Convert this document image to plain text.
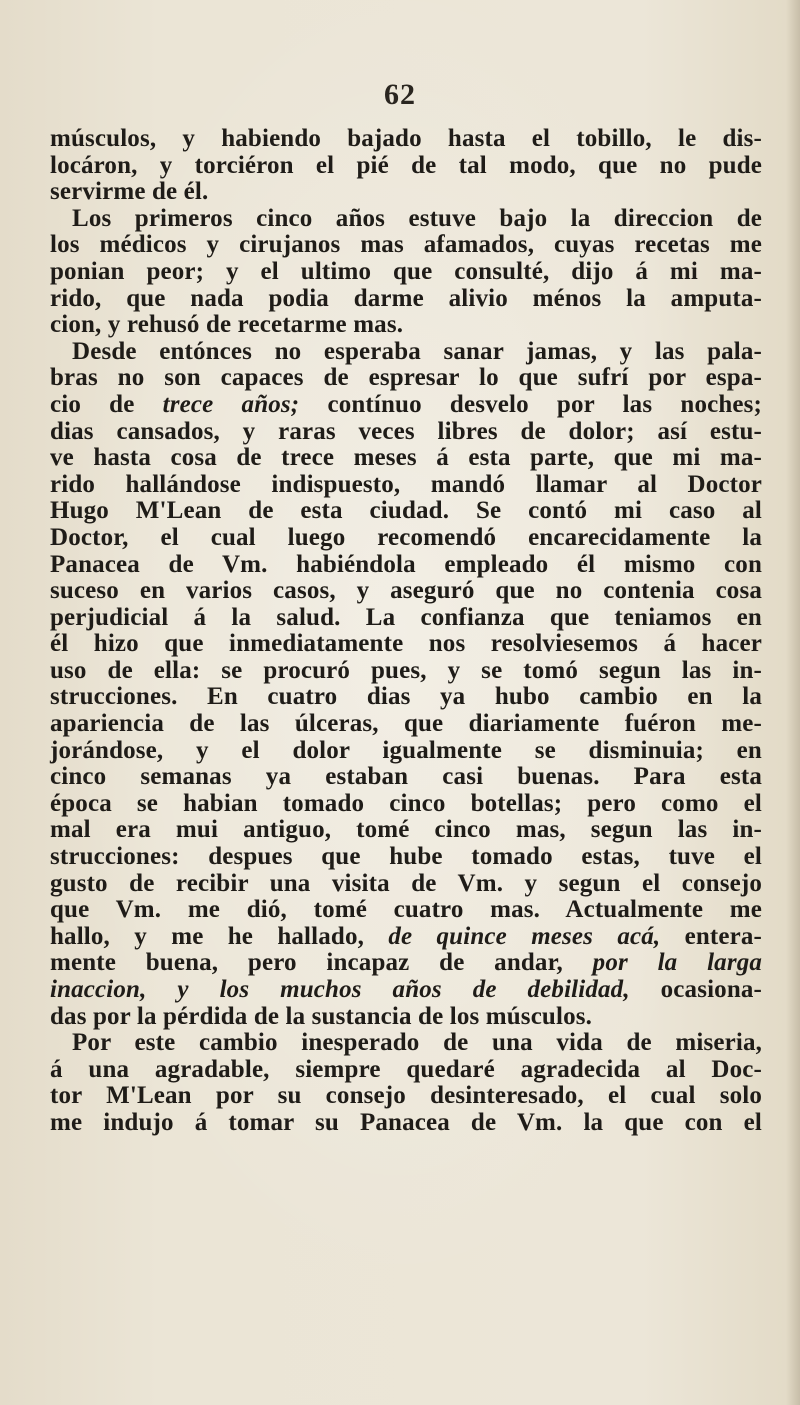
62
músculos, y habiendo bajado hasta el tobillo, le dis-
locáron, y torciéron el pié de tal modo, que no pude
servirme de él.
Los primeros cinco años estuve bajo la direccion de
los médicos y cirujanos mas afamados, cuyas recetas me
ponian peor; y el ultimo que consulté, dijo á mi ma-
rido, que nada podia darme alivio ménos la amputa-
cion, y rehusó de recetarme mas.
Desde entónces no esperaba sanar jamas, y las pala-
bras no son capaces de espresar lo que sufrí por espa-
cio de trece años; contínuo desvelo por las noches;
dias cansados, y raras veces libres de dolor; así estu-
ve hasta cosa de trece meses á esta parte, que mi ma-
rido hallándose indispuesto, mandó llamar al Doctor
Hugo M'Lean de esta ciudad. Se contó mi caso al
Doctor, el cual luego recomendó encarecidamente la
Panacea de Vm. habiéndola empleado él mismo con
suceso en varios casos, y aseguró que no contenia cosa
perjudicial á la salud. La confianza que teniamos en
él hizo que inmediatamente nos resolviesemos á hacer
uso de ella: se procuró pues, y se tomó segun las in-
strucciones. En cuatro dias ya hubo cambio en la
apariencia de las úlceras, que diariamente fuéron me-
jorándose, y el dolor igualmente se disminuia; en
cinco semanas ya estaban casi buenas. Para esta
época se habian tomado cinco botellas; pero como el
mal era mui antiguo, tomé cinco mas, segun las in-
strucciones: despues que hube tomado estas, tuve el
gusto de recibir una visita de Vm. y segun el consejo
que Vm. me dió, tomé cuatro mas. Actualmente me
hallo, y me he hallado, de quince meses acá, entera-
mente buena, pero incapaz de andar, por la larga
inaccion, y los muchos años de debilidad, ocasiona-
das por la pérdida de la sustancia de los músculos.
Por este cambio inesperado de una vida de miseria,
á una agradable, siempre quedaré agradecida al Doc-
tor M'Lean por su consejo desinteresado, el cual solo
me indujo á tomar su Panacea de Vm. la que con el
